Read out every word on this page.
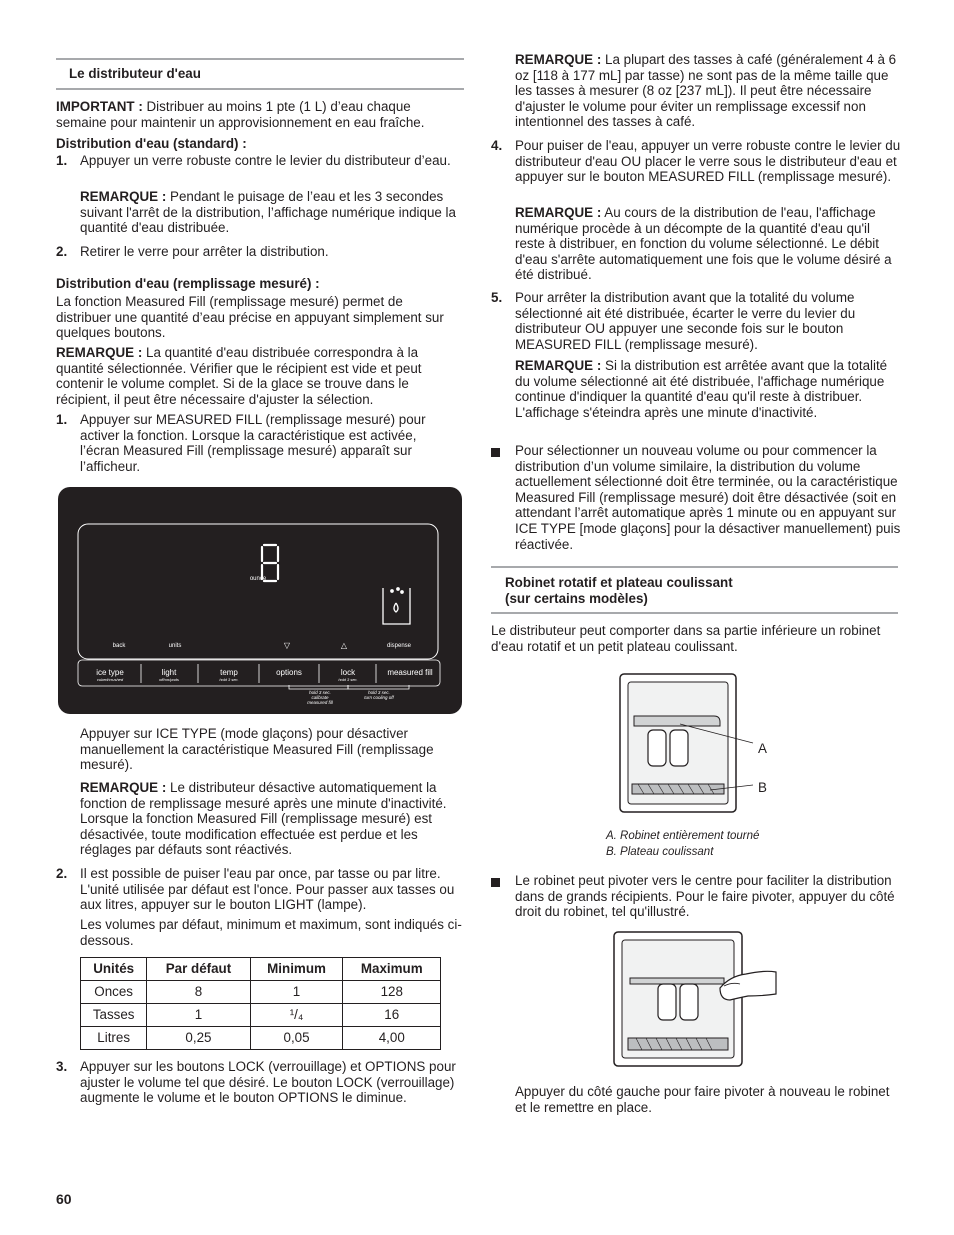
Le distributeur d'eau

IMPORTANT : Distribuer au moins 1 pte (1 L) d’eau chaque semaine pour maintenir un approvisionnement en eau fraîche.

Distribution d'eau (standard) :

1. Appuyer un verre robuste contre le levier du distributeur d’eau.

REMARQUE : Pendant le puisage de l’eau et les 3 secondes suivant l'arrêt de la distribution, l’affichage numérique indique la quantité d'eau distribuée.

2. Retirer le verre pour arrêter la distribution.

Distribution d'eau (remplissage mesuré) :

La fonction Measured Fill (remplissage mesuré) permet de distribuer une quantité d’eau précise en appuyant simplement sur quelques boutons.

REMARQUE : La quantité d'eau distribuée correspondra à la quantité sélectionnée. Vérifier que le récipient est vide et peut contenir le volume complet. Si de la glace se trouve dans le récipient, il peut être nécessaire d'ajuster la sélection.

1. Appuyer sur MEASURED FILL (remplissage mesuré) pour activer la fonction. Lorsque la caractéristique est activée, l’écran Measured Fill (remplissage mesuré) apparaît sur l’afficheur.

ounce
back	units	▽	△	dispense
ice type
cubed/crushed
light
off/on/pods
temp
hold 3 sec.
options	lock
hold 3 sec.
measured fill
hold 3 sec.
calibrate
measured fill
hold 3 sec.
turn cooling off

Appuyer sur ICE TYPE (mode glaçons) pour désactiver manuellement la caractéristique Measured Fill (remplissage mesuré).

REMARQUE : Le distributeur désactive automatiquement la fonction de remplissage mesuré après une minute d'inactivité. Lorsque la fonction Measured Fill (remplissage mesuré) est désactivée, toute modification effectuée est perdue et les réglages par défauts sont réactivés.

2. Il est possible de puiser l'eau par once, par tasse ou par litre. L'unité utilisée par défaut est l'once. Pour passer aux tasses ou aux litres, appuyer sur le bouton LIGHT (lampe).

Les volumes par défaut, minimum et maximum, sont indiqués ci-dessous.

Unités	Par défaut	Minimum	Maximum
Onces	8	1	128
Tasses	1	¹/₄	16
Litres	0,25	0,05	4,00
3. Appuyer sur les boutons LOCK (verrouillage) et OPTIONS pour ajuster le volume tel que désiré. Le bouton LOCK (verrouillage) augmente le volume et le bouton OPTIONS le diminue.

60

REMARQUE : La plupart des tasses à café (généralement 4 à 6 oz [118 à 177 mL] par tasse) ne sont pas de la même taille que les tasses à mesurer (8 oz [237 mL]). Il peut être nécessaire d'ajuster le volume pour éviter un remplissage excessif non intentionnel des tasses à café.

4. Pour puiser de l'eau, appuyer un verre robuste contre le levier du distributeur d'eau OU placer le verre sous le distributeur d'eau et appuyer sur le bouton MEASURED FILL (remplissage mesuré).

REMARQUE : Au cours de la distribution de l'eau, l'affichage numérique procède à un décompte de la quantité d'eau qu'il reste à distribuer, en fonction du volume sélectionné. Le débit d'eau s'arrête automatiquement une fois que le volume désiré a été distribué.

5. Pour arrêter la distribution avant que la totalité du volume sélectionné ait été distribuée, écarter le verre du levier du distributeur OU appuyer une seconde fois sur le bouton MEASURED FILL (remplissage mesuré).

REMARQUE : Si la distribution est arrêtée avant que la totalité du volume sélectionné ait été distribuée, l'affichage numérique continue d'indiquer la quantité d'eau qu'il reste à distribuer. L'affichage s'éteindra après une minute d'inactivité.

Pour sélectionner un nouveau volume ou pour commencer la distribution d’un volume similaire, la distribution du volume actuellement sélectionné doit être terminée, ou la caractéristique Measured Fill (remplissage mesuré) doit être désactivée (soit en attendant l’arrêt automatique après 1 minute ou en appuyant sur ICE TYPE [mode glaçons] pour la désactiver manuellement) puis réactivée.

Robinet rotatif et plateau coulissant
(sur certains modèles)

Le distributeur peut comporter dans sa partie inférieure un robinet d'eau rotatif et un petit plateau coulissant.

A
B

A. Robinet entièrement tourné

B. Plateau coulissant

Le robinet peut pivoter vers le centre pour faciliter la distribution dans de grands récipients. Pour le faire pivoter, appuyer du côté droit du robinet, tel qu'illustré.

Appuyer du côté gauche pour faire pivoter à nouveau le robinet et le remettre en place.
